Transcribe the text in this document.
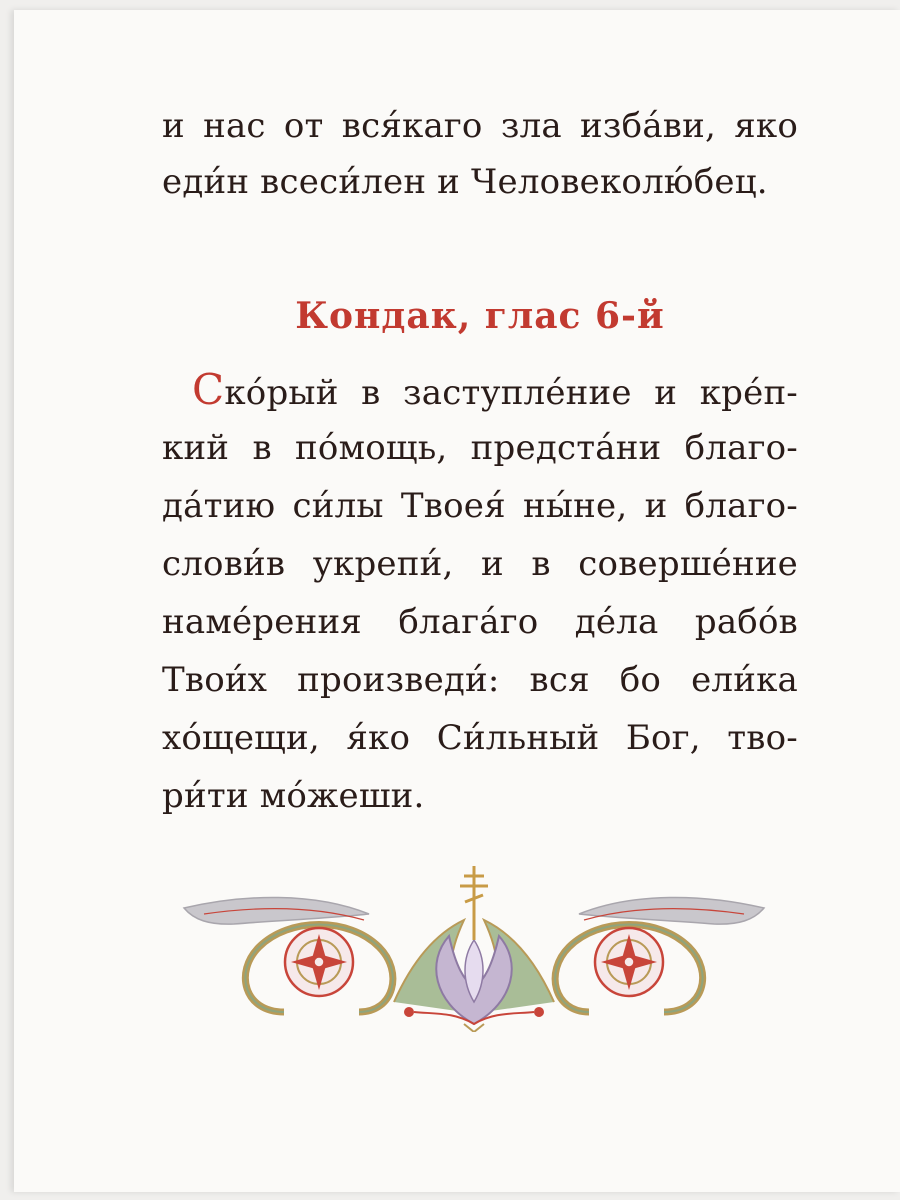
и нас от вся́каго зла изба́ви, яко

еди́н всеси́лен и Человеколю́бец.

Кондак, глас 6-й

Ско́рый в заступле́ние и кре́п-

кий в по́мощь, предста́ни благо-

да́тию си́лы Твоея́ ны́не, и благо-

слови́в укрепи́, и в соверше́ние

наме́рения блага́го де́ла рабо́в

Твои́х произведи́: вся бо ели́ка

хо́щещи, я́ко Си́льный Бог, тво-

ри́ти мо́жеши.
